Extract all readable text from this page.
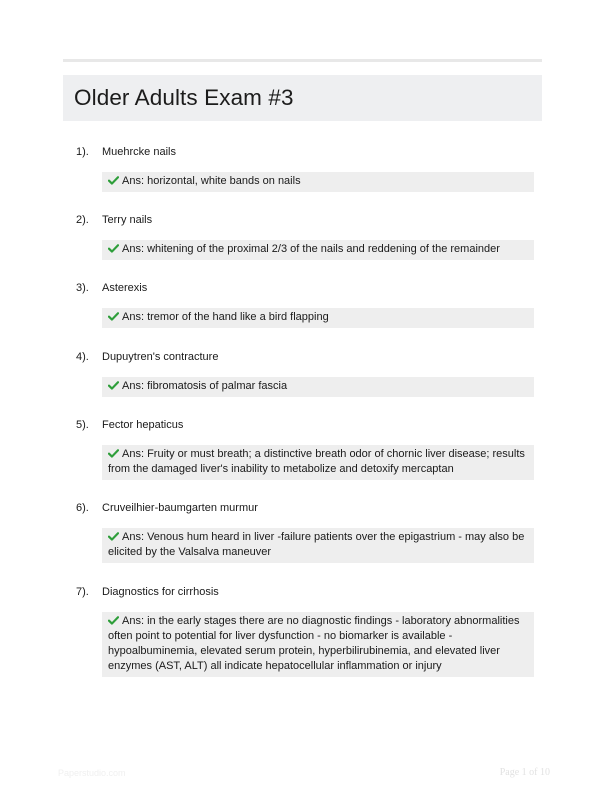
Older Adults Exam #3
1).	Muehrcke nails
Ans: horizontal, white bands on nails
2).	Terry nails
Ans: whitening of the proximal 2/3 of the nails and reddening of the remainder
3).	Asterexis
Ans: tremor of the hand like a bird flapping
4).	Dupuytren's contracture
Ans: fibromatosis of palmar fascia
5).	Fector hepaticus
Ans: Fruity or must breath; a distinctive breath odor of chornic liver disease; results from the damaged liver's inability to metabolize and detoxify mercaptan
6).	Cruveilhier-baumgarten murmur
Ans: Venous hum heard in liver -failure patients over the epigastrium - may also be elicited by the Valsalva maneuver
7).	Diagnostics for cirrhosis
Ans: in the early stages there are no diagnostic findings - laboratory abnormalities often point to potential for liver dysfunction - no biomarker is available - hypoalbuminemia, elevated serum protein, hyperbilirubinemia, and elevated liver enzymes (AST, ALT) all indicate hepatocellular inflammation or injury
Paperstudio.com	Page 1 of 10
